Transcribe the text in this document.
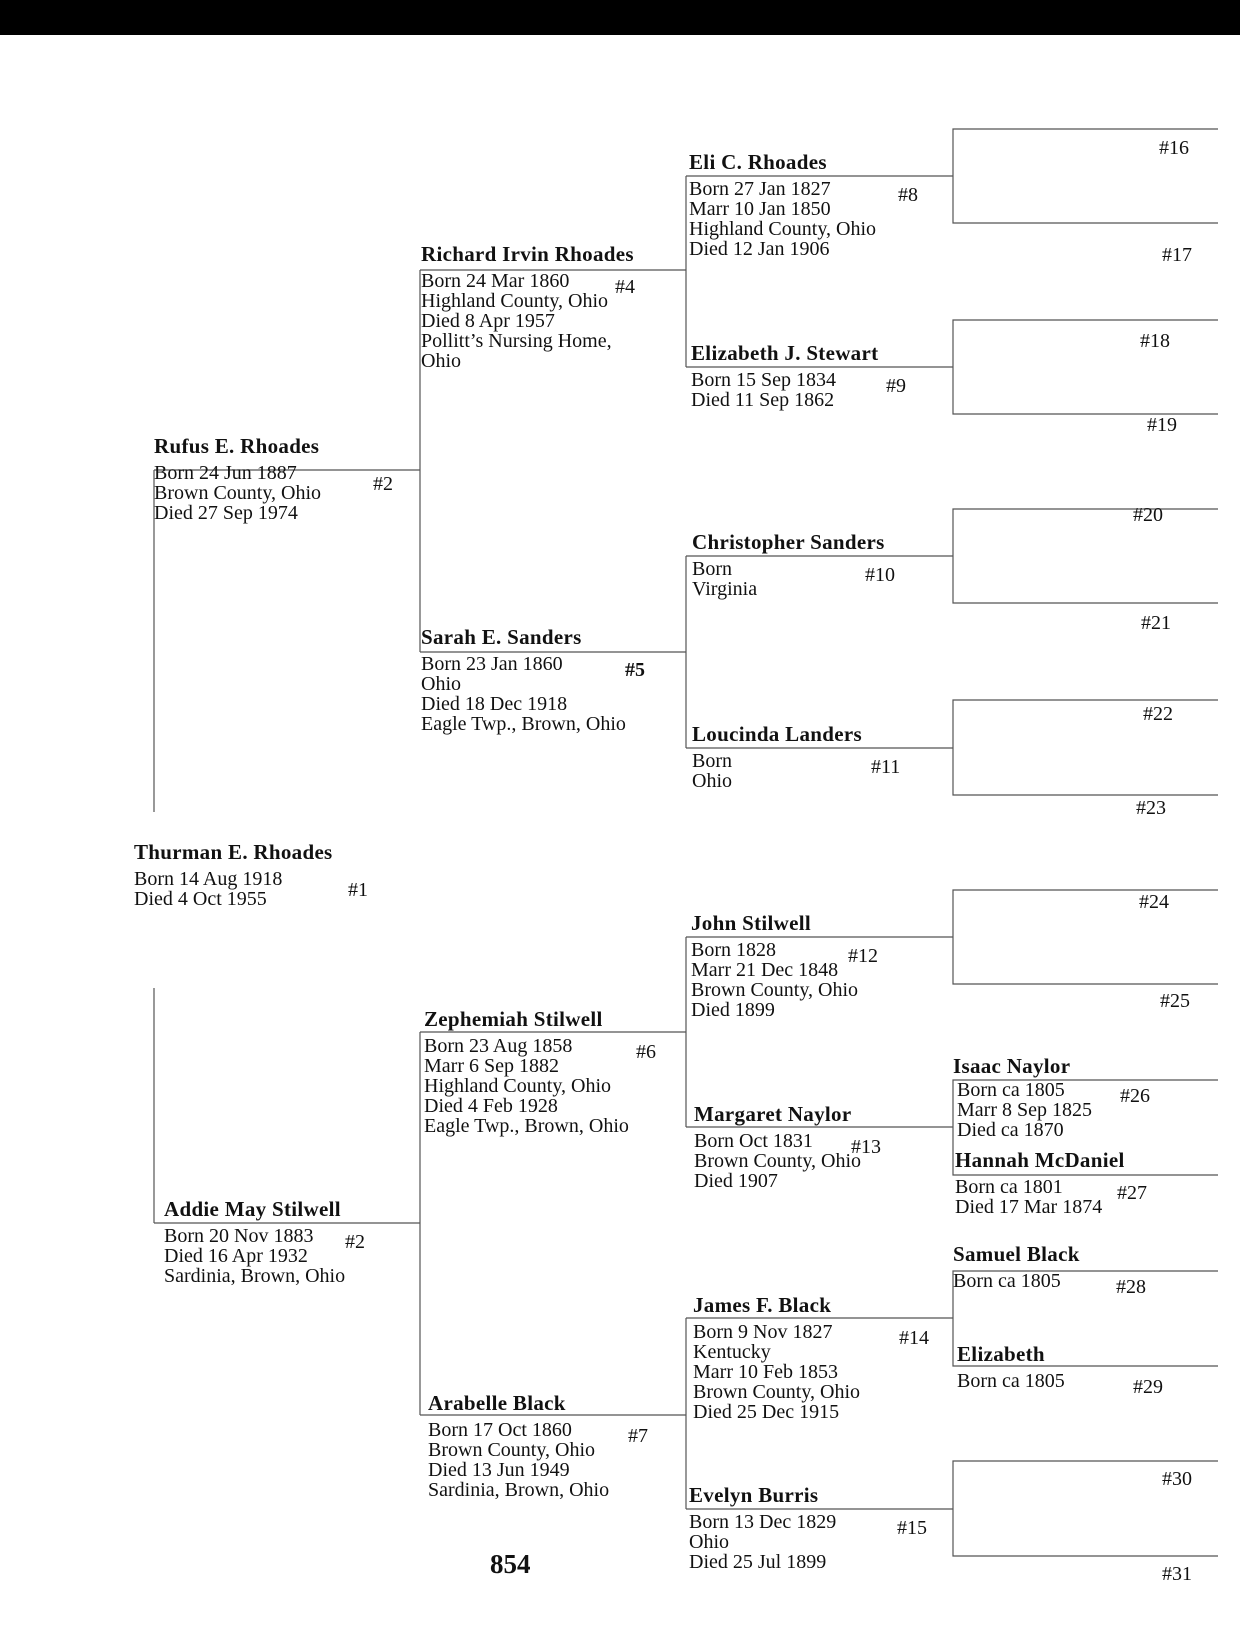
Thurman E. Rhoades
#1
Born 14 Aug 1918
Died 4 Oct 1955
Rufus E. Rhoades
#2
Born 24 Jun 1887
Brown County, Ohio
Died 27 Sep 1974
Addie May Stilwell
#2
Born 20 Nov 1883
Died 16 Apr 1932
Sardinia, Brown, Ohio
Richard Irvin Rhoades
#4
Born 24 Mar 1860
Highland County, Ohio
Died 8 Apr 1957
Pollitt’s Nursing Home,
Ohio
Sarah E. Sanders
#5
Born 23 Jan 1860
Ohio
Died 18 Dec 1918
Eagle Twp., Brown, Ohio
Zephemiah Stilwell
#6
Born 23 Aug 1858
Marr 6 Sep 1882
Highland County, Ohio
Died 4 Feb 1928
Eagle Twp., Brown, Ohio
Arabelle Black
#7
Born 17 Oct 1860
Brown County, Ohio
Died 13 Jun 1949
Sardinia, Brown, Ohio
Eli C. Rhoades
#8
Born 27 Jan 1827
Marr 10 Jan 1850
Highland County, Ohio
Died 12 Jan 1906
Elizabeth J. Stewart
#9
Born 15 Sep 1834
Died 11 Sep 1862
Christopher Sanders
#10
Born
Virginia
Loucinda Landers
#11
Born
Ohio
John Stilwell
#12
Born 1828
Marr 21 Dec 1848
Brown County, Ohio
Died 1899
Margaret Naylor
#13
Born Oct 1831
Brown County, Ohio
Died 1907
James F. Black
#14
Born 9 Nov 1827
Kentucky
Marr 10 Feb 1853
Brown County, Ohio
Died 25 Dec 1915
Evelyn Burris
#15
Born 13 Dec 1829
Ohio
Died 25 Jul 1899
Isaac Naylor
#26
Born ca 1805
Marr 8 Sep 1825
Died ca 1870
Hannah McDaniel
#27
Born ca 1801
Died 17 Mar 1874
Samuel Black
#28
Born ca 1805
Elizabeth
#29
Born ca 1805
#16
#17
#18
#19
#20
#21
#22
#23
#24
#25
#30
#31
854
